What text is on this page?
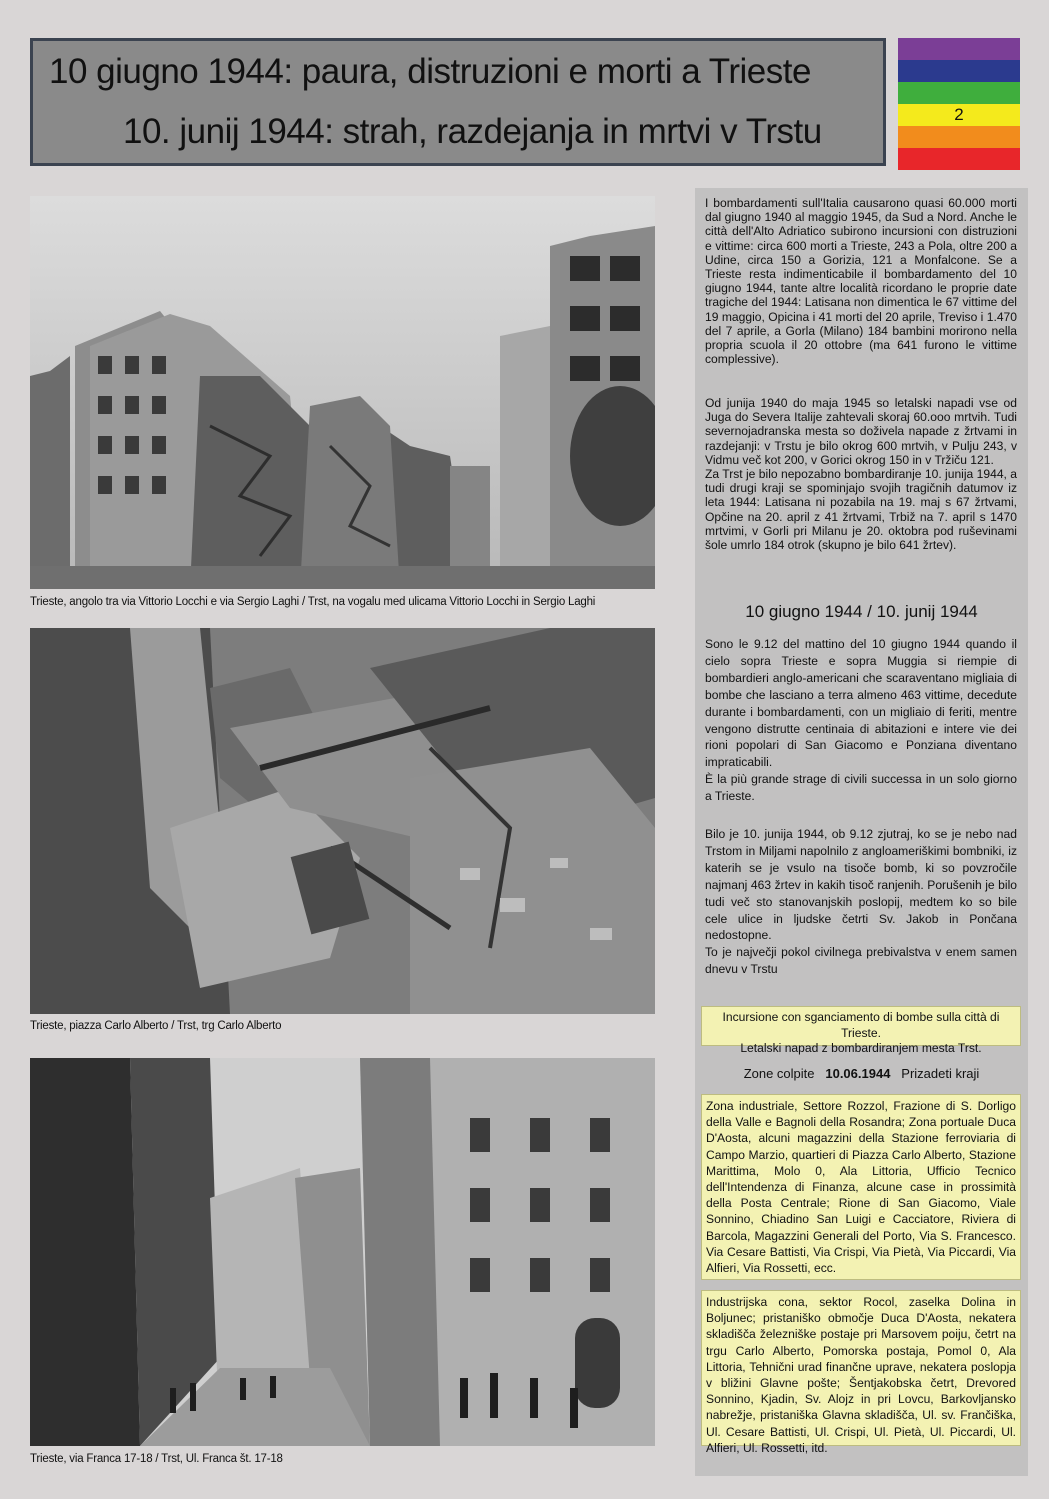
10 giugno 1944: paura, distruzioni e morti a Trieste
10. junij 1944: strah, razdejanja in mrtvi v Trstu	2
Trieste, angolo tra via Vittorio Locchi e via Sergio Laghi / Trst, na vogalu med ulicama Vittorio Locchi in Sergio Laghi
Trieste, piazza Carlo Alberto / Trst, trg Carlo Alberto
Trieste, via Franca 17-18 / Trst, Ul. Franca št. 17-18

I bombardamenti sull'Italia causarono quasi 60.000 morti dal giugno 1940 al maggio 1945, da Sud a Nord. Anche le città dell'Alto Adriatico subirono incursioni con distruzioni e vittime: circa 600 morti a Trieste, 243 a Pola, oltre 200 a Udine, circa 150 a Gorizia, 121 a Monfalcone. Se a Trieste resta indimenticabile il bombardamento del 10 giugno 1944, tante altre località ricordano le proprie date tragiche del 1944: Latisana non dimentica le 67 vittime del 19 maggio, Opicina i 41 morti del 20 aprile, Treviso i 1.470 del 7 aprile, a Gorla (Milano) 184 bambini morirono nella propria scuola il 20 ottobre (ma 641 furono le vittime complessive).

Od junija 1940 do maja 1945 so letalski napadi vse od Juga do Severa Italije zahtevali skoraj 60.ooo mrtvih. Tudi severnojadranska mesta so doživela napade z žrtvami in razdejanji: v Trstu je bilo okrog 600 mrtvih, v Pulju 243, v Vidmu več kot 200, v Gorici okrog 150 in v Tržiču 121.

Za Trst je bilo nepozabno bombardiranje 10. junija 1944, a tudi drugi kraji se spominjajo svojih tragičnih datumov iz leta 1944: Latisana ni pozabila na 19. maj s 67 žrtvami, Opčine na 20. april z 41 žrtvami, Trbiž na 7. april s 1470 mrtvimi, v Gorli pri Milanu je 20. oktobra pod ruševinami šole umrlo 184 otrok (skupno je bilo 641 žrtev).

10 giugno 1944 / 10. junij 1944

Sono le 9.12 del mattino del 10 giugno 1944 quando il cielo sopra Trieste e sopra Muggia si riempie di bombardieri anglo-americani che scaraventano migliaia di bombe che lasciano a terra almeno 463 vittime, decedute durante i bombardamenti, con un migliaio di feriti, mentre vengono distrutte centinaia di abitazioni e intere vie dei rioni popolari di San Giacomo e Ponziana diventano impraticabili.

È la più grande strage di civili successa in un solo giorno a Trieste.

Bilo je 10. junija 1944, ob 9.12 zjutraj, ko se je nebo nad Trstom in Miljami napolnilo z angloameriškimi bombniki, iz katerih se je vsulo na tisoče bomb, ki so povzročile najmanj 463 žrtev in kakih tisoč ranjenih. Porušenih je bilo tudi več sto stanovanjskih poslopij, medtem ko so bile cele ulice in ljudske četrti Sv. Jakob in Pončana nedostopne.

To je največji pokol civilnega prebivalstva v enem samen dnevu v Trstu

Incursione con sganciamento di bombe sulla città di Trieste.

Letalski napad z bombardiranjem mesta Trst.

Zone colpite 10.06.1944 Prizadeti kraji

Zona industriale, Settore Rozzol, Frazione di S. Dorligo della Valle e Bagnoli della Rosandra; Zona portuale Duca D'Aosta, alcuni magazzini della Stazione ferroviaria di Campo Marzio, quartieri di Piazza Carlo Alberto, Stazione Marittima, Molo 0, Ala Littoria, Ufficio Tecnico dell'Intendenza di Finanza, alcune case in prossimità della Posta Centrale; Rione di San Giacomo, Viale Sonnino, Chiadino San Luigi e Cacciatore, Riviera di Barcola, Magazzini Generali del Porto, Via S. Francesco. Via Cesare Battisti, Via Crispi, Via Pietà, Via Piccardi, Via Alfieri, Via Rossetti, ecc.

Industrijska cona, sektor Rocol, zaselka Dolina in Boljunec; pristaniško območje Duca D'Aosta, nekatera skladišča železniške postaje pri Marsovem poiju, četrt na trgu Carlo Alberto, Pomorska postaja, Pomol 0, Ala Littoria, Tehnični urad finančne uprave, nekatera poslopja v bližini Glavne pošte; Šentjakobska četrt, Drevored Sonnino, Kjadin, Sv. Alojz in pri Lovcu, Barkovljansko nabrežje, pristaniška Glavna skladišča, Ul. sv. Frančiška, Ul. Cesare Battisti, Ul. Crispi, Ul. Pietà, Ul. Piccardi, Ul. Alfieri, Ul. Rossetti, itd.
